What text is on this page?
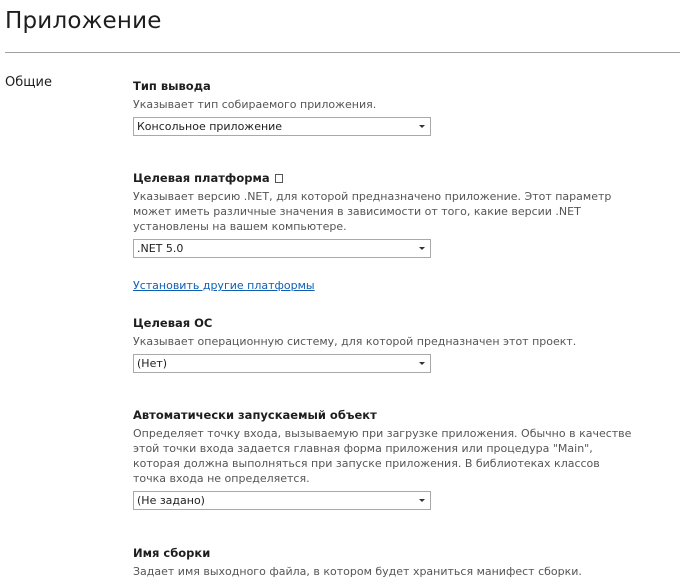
Приложение
Общие	Тип вывода
Указывает тип собираемого приложения.
Консольное приложение
Целевая платформа
Указывает версию .NET, для которой предназначено приложение. Этот параметр может иметь различные значения в зависимости от того, какие версии .NET установлены на вашем компьютере.
.NET 5.0
Установить другие платформы
Целевая ОС
Указывает операционную систему, для которой предназначен этот проект.
(Нет)
Автоматически запускаемый объект
Определяет точку входа, вызываемую при загрузке приложения. Обычно в качестве этой точки входа задается главная форма приложения или процедура "Main", которая должна выполняться при запуске приложения. В библиотеках классов точка входа не определяется.
(Не задано)
Имя сборки
Задает имя выходного файла, в котором будет храниться манифест сборки.
